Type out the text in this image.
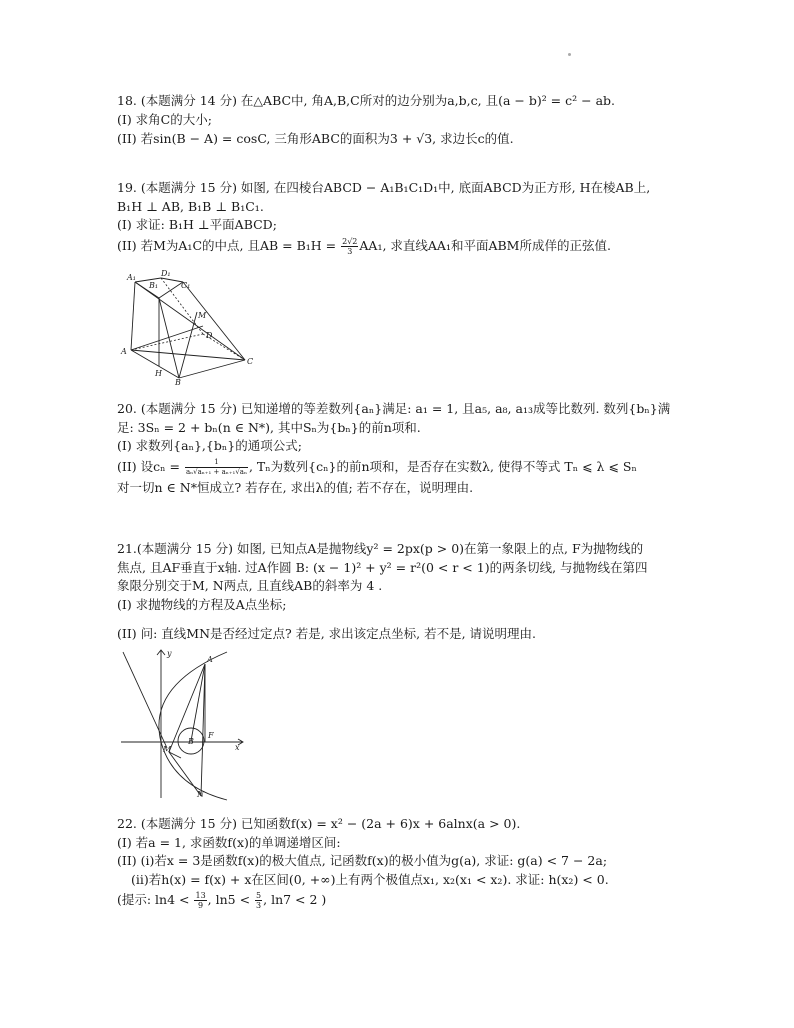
18. (本题满分 14 分) 在△ABC中, 角A,B,C所对的边分别为a,b,c, 且(a − b)² = c² − ab.
(I) 求角C的大小;
(II) 若sin(B − A) = cosC, 三角形ABC的面积为3 + √3, 求边长c的值.
19. (本题满分 15 分) 如图, 在四棱台ABCD − A₁B₁C₁D₁中, 底面ABCD为正方形, H在棱AB上,
B₁H ⊥ AB, B₁B ⊥ B₁C₁.
(I) 求证: B₁H ⊥平面ABCD;
(II) 若M为A₁C的中点, 且AB = $B_1H = \frac{2√2}{3} AA_1$, 求直线AA₁和平面ABM所成佯的正弦值.
A
B
C
D
H
M
A₁
B₁	C₁
D₁
20. (本题满分 15 分) 已知递增的等差数列{aₙ}满足: a₁ = 1, 且a₅, a₈, a₁₃成等比数列. 数列{bₙ}满
足: 3Sₙ = 2 + bₙ(n ∈ N*), 其中Sₙ为{bₙ}的前n项和.
(I) 求数列{aₙ},{bₙ}的通项公式;
(II) 设$c_n = \frac{1}{\text{aₙ√aₙ₊₁ + aₙ₊₁√aₙ}}$ , Tₙ为数列{cₙ}的前n项和，是否存在实数λ, 使得不等式 Tₙ ⩽ λ ⩽ Sₙ
对一切n ∈ N*恒成立? 若存在, 求出λ的值; 若不存在，说明理由.
21.(本题满分 15 分) 如图, 已知点A是抛物线y² = 2px(p > 0)在第一象限上的点, F为抛物线的
焦点, 且AF垂直于x轴. 过A作圆 B: (x − 1)² + y² = r²(0 < r < 1)的两条切线, 与抛物线在第四
象限分别交于M, N两点, 且直线AB的斜率为 4 .
(I) 求抛物线的方程及A点坐标;
(II) 问: 直线MN是否经过定点? 若是, 求出该定点坐标, 若不是, 请说明理由.
y
x
A
F
B
M
N
22. (本题满分 15 分) 已知函数f(x) = x² − (2a + 6)x + 6alnx(a > 0).
(I) 若a = 1, 求函数f(x)的单调递增区间:
(II) (i)若x = 3是函数f(x)的极大值点, 记函数f(x)的极小值为g(a), 求证: g(a) < 7 − 2a;
(ii)若h(x) = f(x) + x在区间(0, +∞)上有两个极值点x₁, x₂(x₁ < x₂). 求证: h(x₂) < 0.
(提示: $\ln 4 < \frac{13}{9}$ , $\ln 5 < \frac{5}{3}$ , ln7 < 2 )
